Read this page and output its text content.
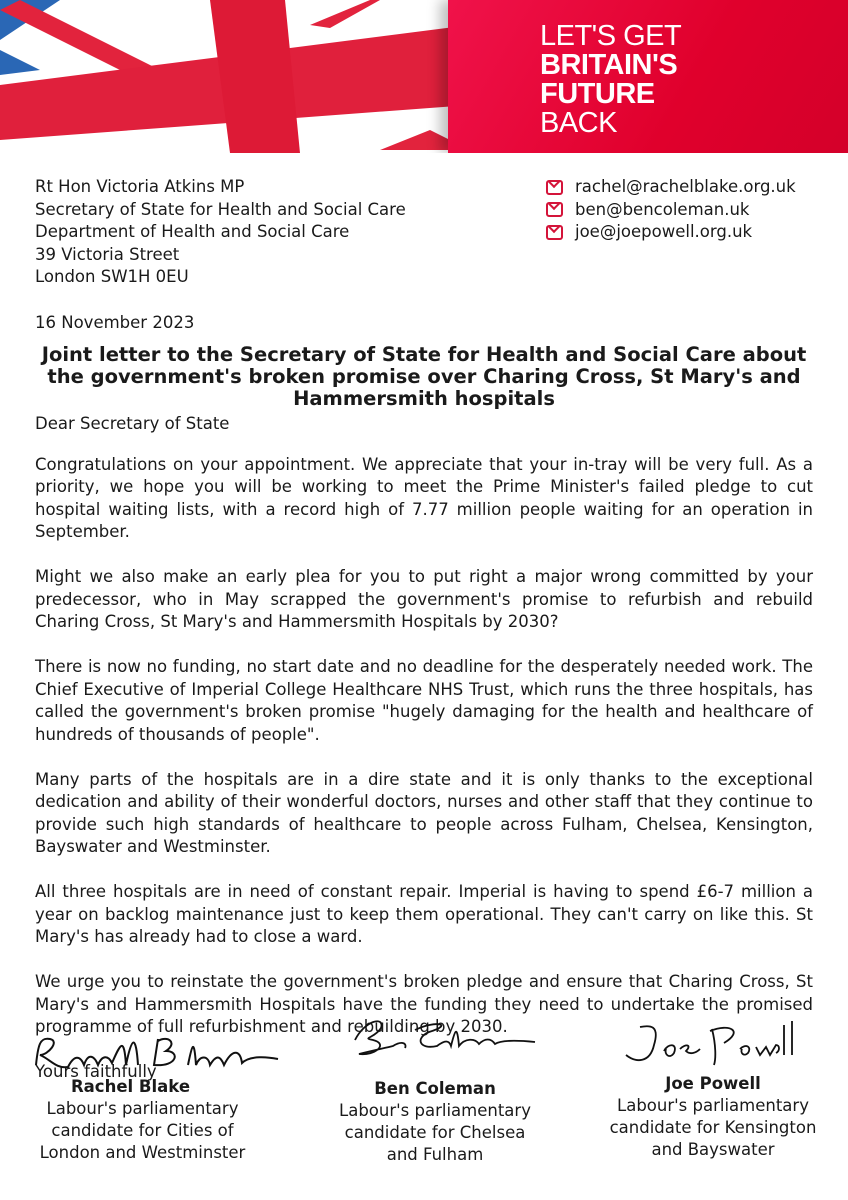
LET'S GET
BRITAIN'S
FUTURE
BACK
Rt Hon Victoria Atkins MP
Secretary of State for Health and Social Care
Department of Health and Social Care
39 Victoria Street
London SW1H 0EU
rachel@rachelblake.org.uk
ben@bencoleman.uk
joe@joepowell.org.uk
16 November 2023
Joint letter to the Secretary of State for Health and Social Care about the government's broken promise over Charing Cross, St Mary's and Hammersmith hospitals

Dear Secretary of State

Congratulations on your appointment. We appreciate that your in-tray will be very full. As a priority, we hope you will be working to meet the Prime Minister's failed pledge to cut hospital waiting lists, with a record high of 7.77 million people waiting for an operation in September.

Might we also make an early plea for you to put right a major wrong committed by your predecessor, who in May scrapped the government's promise to refurbish and rebuild Charing Cross, St Mary's and Hammersmith Hospitals by 2030?

There is now no funding, no start date and no deadline for the desperately needed work. The Chief Executive of Imperial College Healthcare NHS Trust, which runs the three hospitals, has called the government's broken promise "hugely damaging for the health and healthcare of hundreds of thousands of people".

Many parts of the hospitals are in a dire state and it is only thanks to the exceptional dedication and ability of their wonderful doctors, nurses and other staff that they continue to provide such high standards of healthcare to people across Fulham, Chelsea, Kensington, Bayswater and Westminster.

All three hospitals are in need of constant repair. Imperial is having to spend £6-7 million a year on backlog maintenance just to keep them operational. They can't carry on like this. St Mary's has already had to close a ward.

We urge you to reinstate the government's broken pledge and ensure that Charing Cross, St Mary's and Hammersmith Hospitals have the funding they need to undertake the promised programme of full refurbishment and rebuilding by 2030.

Yours faithfully

Rachel Blake
Labour's parliamentary candidate for Cities of London and Westminster
Ben Coleman
Labour's parliamentary candidate for Chelsea and Fulham
Joe Powell
Labour's parliamentary candidate for Kensington and Bayswater
